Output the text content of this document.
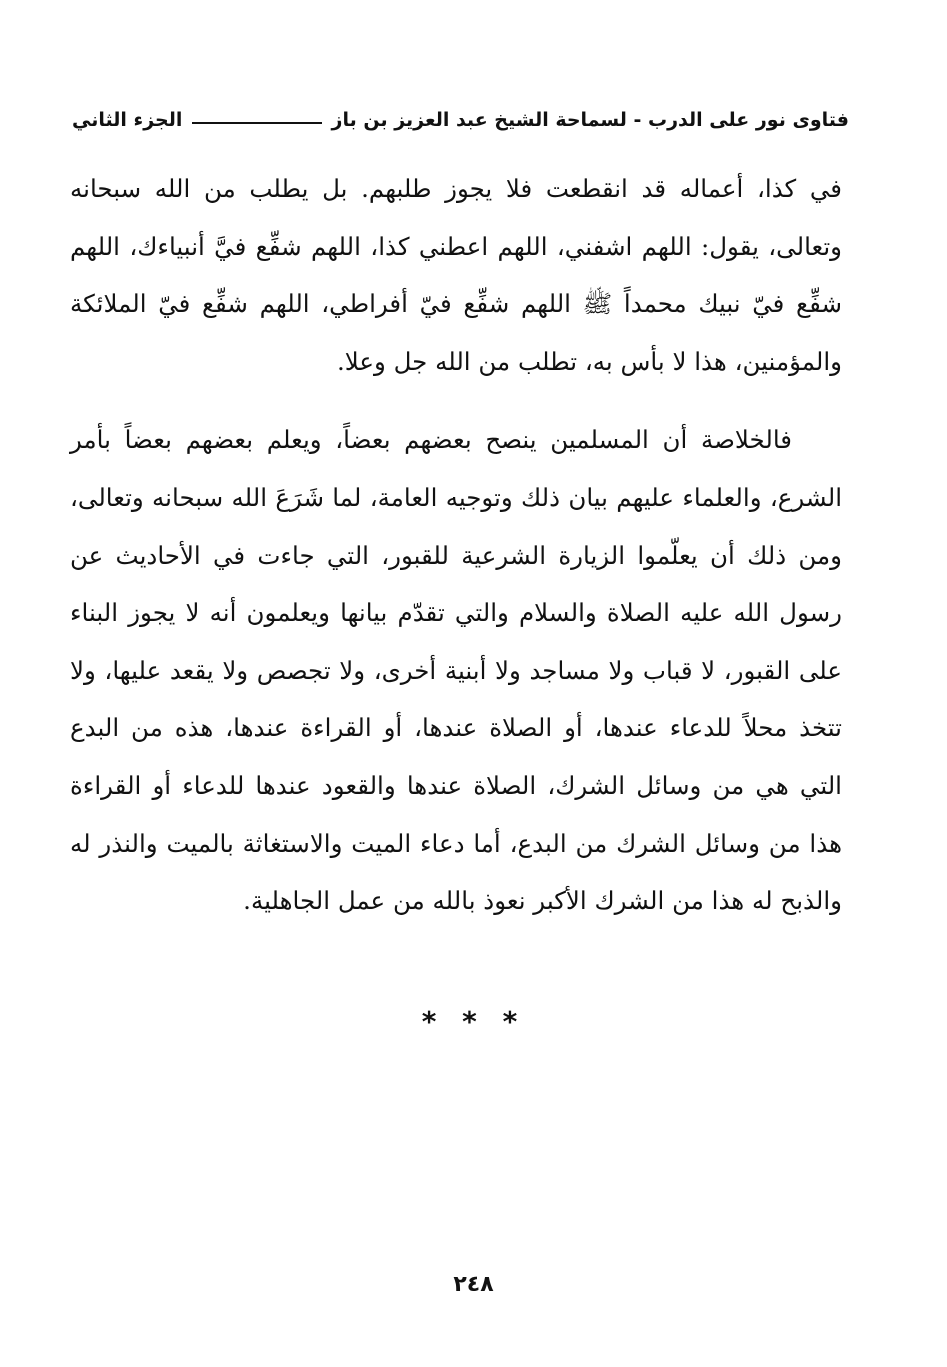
فتاوى نور على الدرب - لسماحة الشيخ عبد العزيز بن باز
الجزء الثاني

في كذا، أعماله قد انقطعت فلا يجوز طلبهم. بل يطلب من الله سبحانه وتعالى، يقول: اللهم اشفني، اللهم اعطني كذا، اللهم شفِّع فيَّ أنبياءك، اللهم شفِّع فيّ نبيك محمداً ﷺ اللهم شفِّع فيّ أفراطي، اللهم شفِّع فيّ الملائكة والمؤمنين، هذا لا بأس به، تطلب من الله جل وعلا.

فالخلاصة أن المسلمين ينصح بعضهم بعضاً، ويعلم بعضهم بعضاً بأمر الشرع، والعلماء عليهم بيان ذلك وتوجيه العامة، لما شَرَعَ الله سبحانه وتعالى، ومن ذلك أن يعلّموا الزيارة الشرعية للقبور، التي جاءت في الأحاديث عن رسول الله عليه الصلاة والسلام والتي تقدّم بيانها ويعلمون أنه لا يجوز البناء على القبور، لا قباب ولا مساجد ولا أبنية أخرى، ولا تجصص ولا يقعد عليها، ولا تتخذ محلاً للدعاء عندها، أو الصلاة عندها، أو القراءة عندها، هذه من البدع التي هي من وسائل الشرك، الصلاة عندها والقعود عندها للدعاء أو القراءة هذا من وسائل الشرك من البدع، أما دعاء الميت والاستغاثة بالميت والنذر له والذبح له هذا من الشرك الأكبر نعوذ بالله من عمل الجاهلية.

* * *
٢٤٨
